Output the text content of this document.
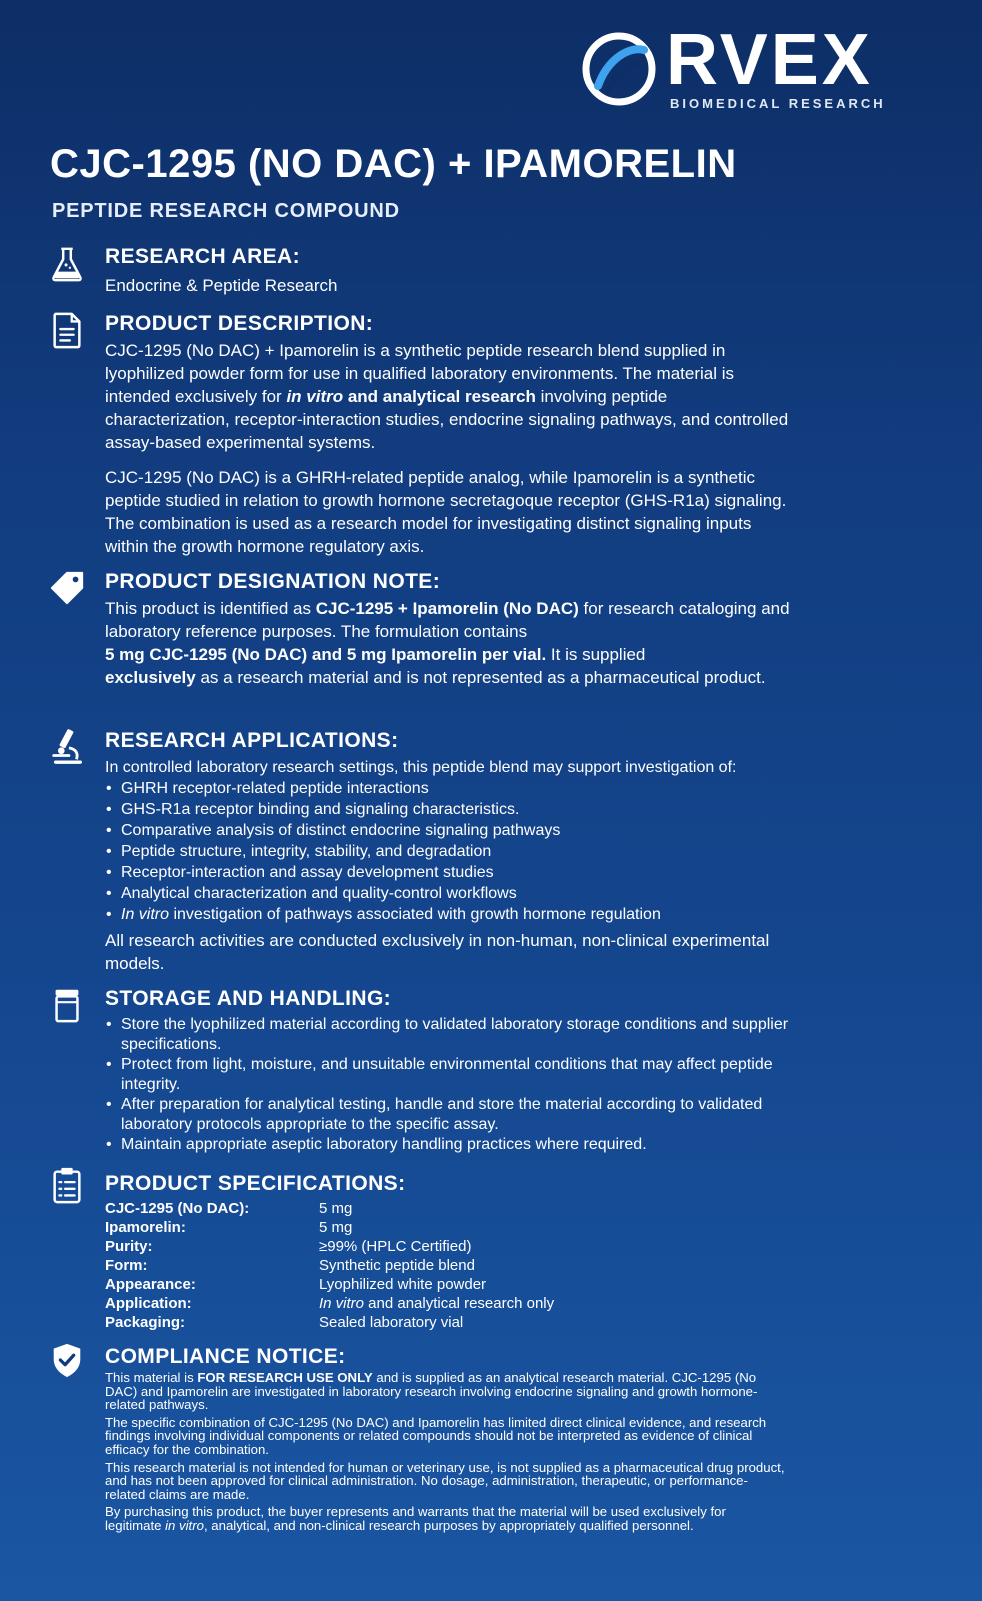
RVEX
BIOMEDICAL RESEARCH
CJC-1295 (NO DAC) + IPAMORELIN
PEPTIDE RESEARCH COMPOUND
RESEARCH AREA:

Endocrine & Peptide Research

PRODUCT DESCRIPTION:

CJC-1295 (No DAC) + Ipamorelin is a synthetic peptide research blend supplied in lyophilized powder form for use in qualified laboratory environments. The material is intended exclusively for in vitro and analytical research involving peptide characterization, receptor-interaction studies, endocrine signaling pathways, and controlled assay-based experimental systems.

CJC-1295 (No DAC) is a GHRH-related peptide analog, while Ipamorelin is a synthetic peptide studied in relation to growth hormone secretagoque receptor (GHS-R1a) signaling. The combination is used as a research model for investigating distinct signaling inputs within the growth hormone regulatory axis.

PRODUCT DESIGNATION NOTE:

This product is identified as CJC-1295 + Ipamorelin (No DAC) for research cataloging and laboratory reference purposes. The formulation contains
5 mg CJC-1295 (No DAC) and 5 mg Ipamorelin per vial. It is supplied
exclusively as a research material and is not represented as a pharmaceutical product.

RESEARCH APPLICATIONS:

In controlled laboratory research settings, this peptide blend may support investigation of:

• GHRH receptor-related peptide interactions
• GHS-R1a receptor binding and signaling characteristics.
• Comparative analysis of distinct endocrine signaling pathways
• Peptide structure, integrity, stability, and degradation
• Receptor-interaction and assay development studies
• Analytical characterization and quality-control workflows
• In vitro investigation of pathways associated with growth hormone regulation

All research activities are conducted exclusively in non-human, non-clinical experimental models.

STORAGE AND HANDLING:
• Store the lyophilized material according to validated laboratory storage conditions and supplier specifications.
• Protect from light, moisture, and unsuitable environmental conditions that may affect peptide integrity.
• After preparation for analytical testing, handle and store the material according to validated laboratory protocols appropriate to the specific assay.
• Maintain appropriate aseptic laboratory handling practices where required.
PRODUCT SPECIFICATIONS:
CJC-1295 (No DAC):	5 mg
Ipamorelin:	5 mg
Purity:	≥99% (HPLC Certified)
Form:	Synthetic peptide blend
Appearance:	Lyophilized white powder
Application:	In vitro and analytical research only
Packaging:	Sealed laboratory vial
COMPLIANCE NOTICE:

This material is FOR RESEARCH USE ONLY and is supplied as an analytical research material. CJC-1295 (No DAC) and Ipamorelin are investigated in laboratory research involving endocrine signaling and growth hormone-related pathways.

The specific combination of CJC-1295 (No DAC) and Ipamorelin has limited direct clinical evidence, and research findings involving individual components or related compounds should not be interpreted as evidence of clinical efficacy for the combination.

This research material is not intended for human or veterinary use, is not supplied as a pharmaceutical drug product, and has not been approved for clinical administration. No dosage, administration, therapeutic, or performance-related claims are made.

By purchasing this product, the buyer represents and warrants that the material will be used exclusively for legitimate in vitro, analytical, and non-clinical research purposes by appropriately qualified personnel.
